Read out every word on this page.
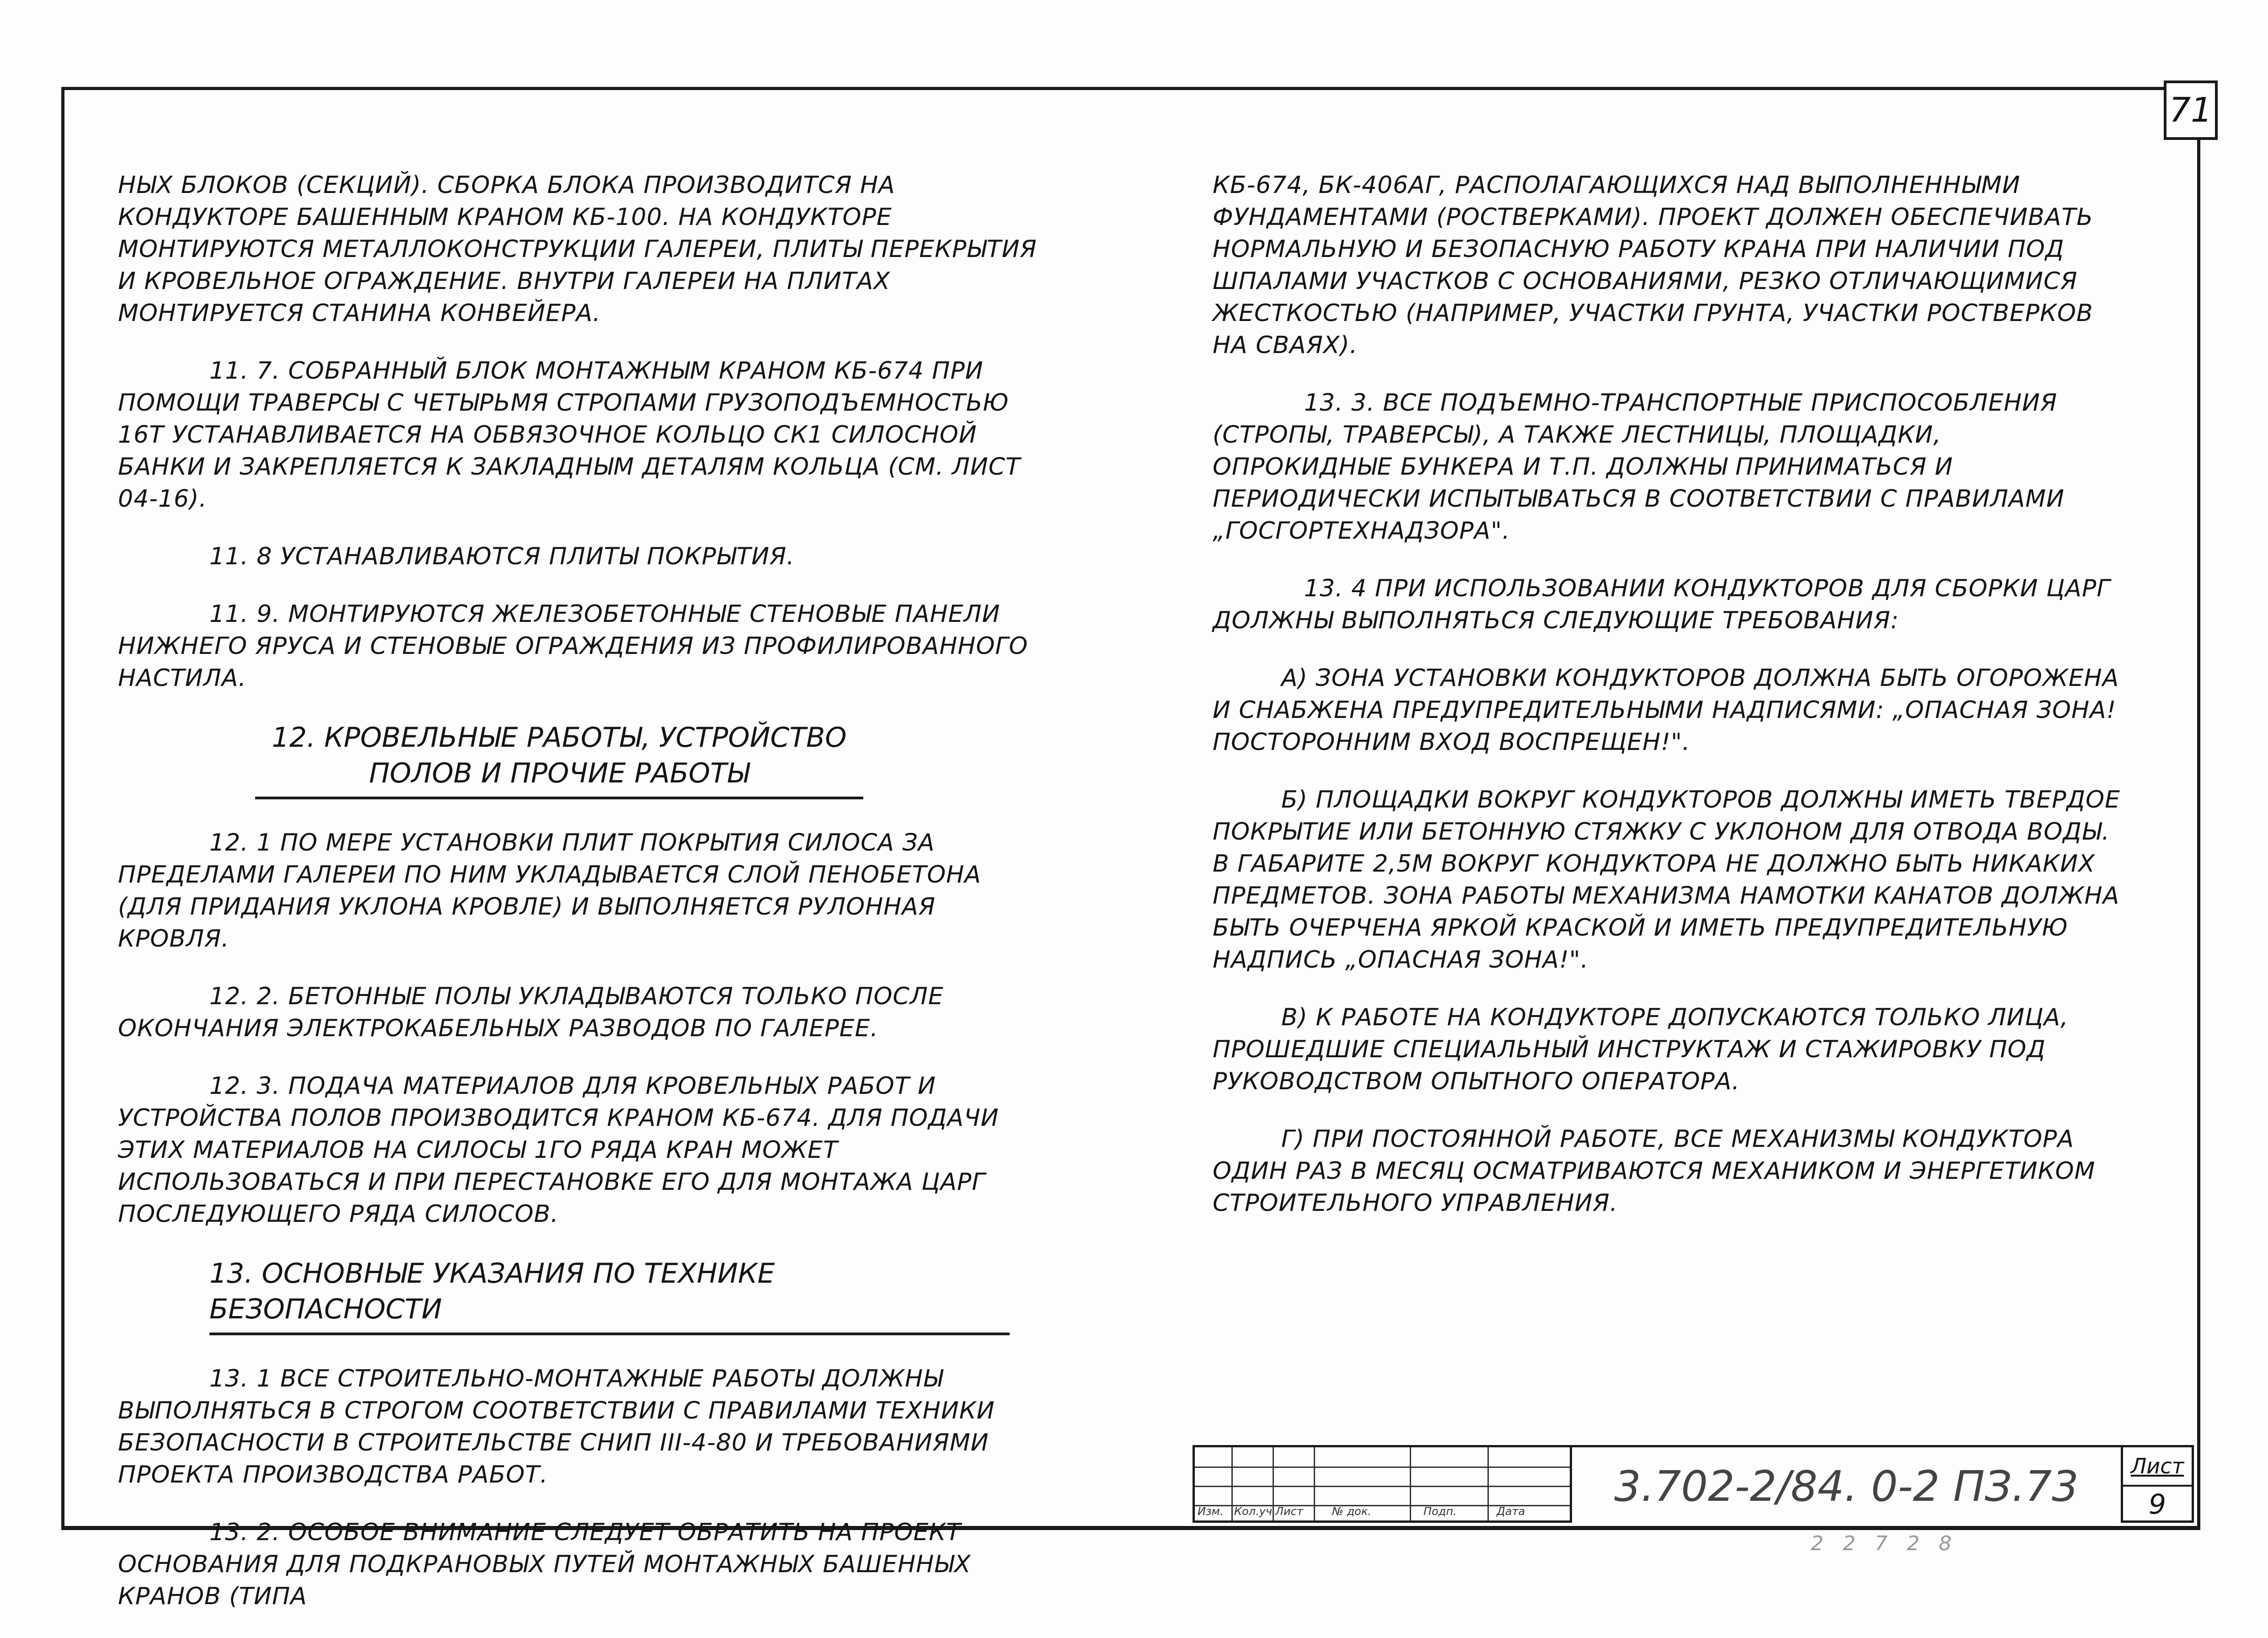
71

НЫХ БЛОКОВ (СЕКЦИЙ). СБОРКА БЛОКА ПРОИЗВОДИТСЯ НА КОНДУКТОРЕ БАШЕННЫМ КРАНОМ КБ-100. НА КОНДУКТОРЕ МОНТИРУЮТСЯ МЕТАЛЛОКОНСТРУКЦИИ ГАЛЕРЕИ, ПЛИТЫ ПЕРЕКРЫТИЯ И КРОВЕЛЬНОЕ ОГРАЖДЕНИЕ. ВНУТРИ ГАЛЕРЕИ НА ПЛИТАХ МОНТИРУЕТСЯ СТАНИНА КОНВЕЙЕРА.

11. 7. СОБРАННЫЙ БЛОК МОНТАЖНЫМ КРАНОМ КБ-674 ПРИ ПОМОЩИ ТРАВЕРСЫ С ЧЕТЫРЬМЯ СТРОПАМИ ГРУЗОПОДЪЕМНОСТЬЮ 16Т УСТАНАВЛИВАЕТСЯ НА ОБВЯЗОЧНОЕ КОЛЬЦО СК1 СИЛОСНОЙ БАНКИ И ЗАКРЕПЛЯЕТСЯ К ЗАКЛАДНЫМ ДЕТАЛЯМ КОЛЬЦА (СМ. ЛИСТ 04-16).

11. 8 УСТАНАВЛИВАЮТСЯ ПЛИТЫ ПОКРЫТИЯ.

11. 9. МОНТИРУЮТСЯ ЖЕЛЕЗОБЕТОННЫЕ СТЕНОВЫЕ ПАНЕЛИ НИЖНЕГО ЯРУСА И СТЕНОВЫЕ ОГРАЖДЕНИЯ ИЗ ПРОФИЛИРОВАННОГО НАСТИЛА.

12. КРОВЕЛЬНЫЕ РАБОТЫ, УСТРОЙСТВО ПОЛОВ И ПРОЧИЕ РАБОТЫ

12. 1 ПО МЕРЕ УСТАНОВКИ ПЛИТ ПОКРЫТИЯ СИЛОСА ЗА ПРЕДЕЛАМИ ГАЛЕРЕИ ПО НИМ УКЛАДЫВАЕТСЯ СЛОЙ ПЕНОБЕТОНА (ДЛЯ ПРИДАНИЯ УКЛОНА КРОВЛЕ) И ВЫПОЛНЯЕТСЯ РУЛОННАЯ КРОВЛЯ.

12. 2. БЕТОННЫЕ ПОЛЫ УКЛАДЫВАЮТСЯ ТОЛЬКО ПОСЛЕ ОКОНЧАНИЯ ЭЛЕКТРОКАБЕЛЬНЫХ РАЗВОДОВ ПО ГАЛЕРЕЕ.

12. 3. ПОДАЧА МАТЕРИАЛОВ ДЛЯ КРОВЕЛЬНЫХ РАБОТ И УСТРОЙСТВА ПОЛОВ ПРОИЗВОДИТСЯ КРАНОМ КБ-674. ДЛЯ ПОДАЧИ ЭТИХ МАТЕРИАЛОВ НА СИЛОСЫ 1ГО РЯДА КРАН МОЖЕТ ИСПОЛЬЗОВАТЬСЯ И ПРИ ПЕРЕСТАНОВКЕ ЕГО ДЛЯ МОНТАЖА ЦАРГ ПОСЛЕДУЮЩЕГО РЯДА СИЛОСОВ.

13. ОСНОВНЫЕ УКАЗАНИЯ ПО ТЕХНИКЕ БЕЗОПАСНОСТИ

13. 1 ВСЕ СТРОИТЕЛЬНО-МОНТАЖНЫЕ РАБОТЫ ДОЛЖНЫ ВЫПОЛНЯТЬСЯ В СТРОГОМ СООТВЕТСТВИИ С ПРАВИЛАМИ ТЕХНИКИ БЕЗОПАСНОСТИ В СТРОИТЕЛЬСТВЕ СНИП III-4-80 И ТРЕБОВАНИЯМИ ПРОЕКТА ПРОИЗВОДСТВА РАБОТ.

13. 2. ОСОБОЕ ВНИМАНИЕ СЛЕДУЕТ ОБРАТИТЬ НА ПРОЕКТ ОСНОВАНИЯ ДЛЯ ПОДКРАНОВЫХ ПУТЕЙ МОНТАЖНЫХ БАШЕННЫХ КРАНОВ (ТИПА

КБ-674, БК-406АГ, РАСПОЛАГАЮЩИХСЯ НАД ВЫПОЛНЕННЫМИ ФУНДАМЕНТАМИ (РОСТВЕРКАМИ). ПРОЕКТ ДОЛЖЕН ОБЕСПЕЧИВАТЬ НОРМАЛЬНУЮ И БЕЗОПАСНУЮ РАБОТУ КРАНА ПРИ НАЛИЧИИ ПОД ШПАЛАМИ УЧАСТКОВ С ОСНОВАНИЯМИ, РЕЗКО ОТЛИЧАЮЩИМИСЯ ЖЕСТКОСТЬЮ (НАПРИМЕР, УЧАСТКИ ГРУНТА, УЧАСТКИ РОСТВЕРКОВ НА СВАЯХ).

13. 3. ВСЕ ПОДЪЕМНО-ТРАНСПОРТНЫЕ ПРИСПОСОБЛЕНИЯ (СТРОПЫ, ТРАВЕРСЫ), А ТАКЖЕ ЛЕСТНИЦЫ, ПЛОЩАДКИ, ОПРОКИДНЫЕ БУНКЕРА И Т.П. ДОЛЖНЫ ПРИНИМАТЬСЯ И ПЕРИОДИЧЕСКИ ИСПЫТЫВАТЬСЯ В СООТВЕТСТВИИ С ПРАВИЛАМИ „ГОСГОРТЕХНАДЗОРА".

13. 4 ПРИ ИСПОЛЬЗОВАНИИ КОНДУКТОРОВ ДЛЯ СБОРКИ ЦАРГ ДОЛЖНЫ ВЫПОЛНЯТЬСЯ СЛЕДУЮЩИЕ ТРЕБОВАНИЯ:

А) ЗОНА УСТАНОВКИ КОНДУКТОРОВ ДОЛЖНА БЫТЬ ОГОРОЖЕНА И СНАБЖЕНА ПРЕДУПРЕДИТЕЛЬНЫМИ НАДПИСЯМИ: „ОПАСНАЯ ЗОНА! ПОСТОРОННИМ ВХОД ВОСПРЕЩЕН!".

Б) ПЛОЩАДКИ ВОКРУГ КОНДУКТОРОВ ДОЛЖНЫ ИМЕТЬ ТВЕРДОЕ ПОКРЫТИЕ ИЛИ БЕТОННУЮ СТЯЖКУ С УКЛОНОМ ДЛЯ ОТВОДА ВОДЫ. В ГАБАРИТЕ 2,5М ВОКРУГ КОНДУКТОРА НЕ ДОЛЖНО БЫТЬ НИКАКИХ ПРЕДМЕТОВ. ЗОНА РАБОТЫ МЕХАНИЗМА НАМОТКИ КАНАТОВ ДОЛЖНА БЫТЬ ОЧЕРЧЕНА ЯРКОЙ КРАСКОЙ И ИМЕТЬ ПРЕДУПРЕДИТЕЛЬНУЮ НАДПИСЬ „ОПАСНАЯ ЗОНА!".

В) К РАБОТЕ НА КОНДУКТОРЕ ДОПУСКАЮТСЯ ТОЛЬКО ЛИЦА, ПРОШЕДШИЕ СПЕЦИАЛЬНЫЙ ИНСТРУКТАЖ И СТАЖИРОВКУ ПОД РУКОВОДСТВОМ ОПЫТНОГО ОПЕРАТОРА.

Г) ПРИ ПОСТОЯННОЙ РАБОТЕ, ВСЕ МЕХАНИЗМЫ КОНДУКТОРА ОДИН РАЗ В МЕСЯЦ ОСМАТРИВАЮТСЯ МЕХАНИКОМ И ЭНЕРГЕТИКОМ СТРОИТЕЛЬНОГО УПРАВЛЕНИЯ.

Изм. Кол.уч Лист	№ док.	Подп.	Дата
3.702-2/84. 0-2 ПЗ.73	Лист
9
2 2 7 2 8
